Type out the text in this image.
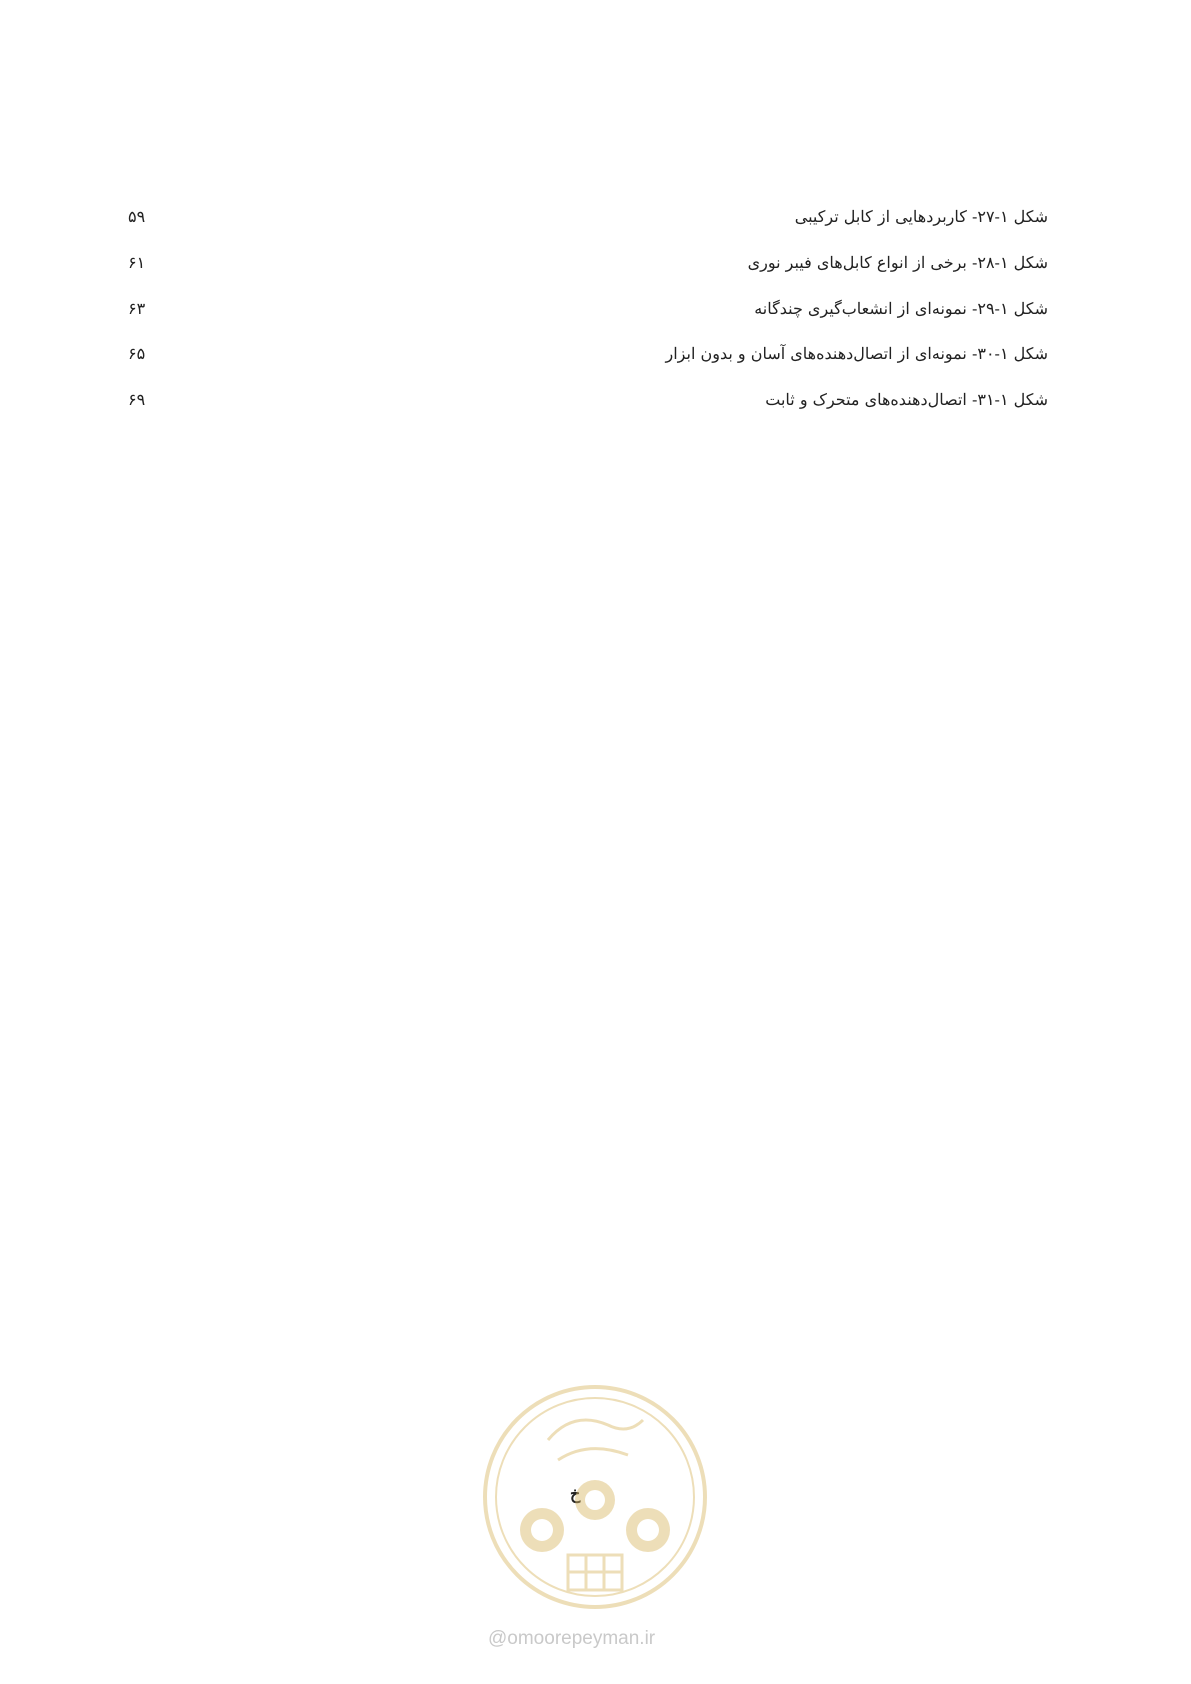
شکل ۱-۲۷- کاربردهایی از کابل ترکیبی
۵۹
شکل ۱-۲۸- برخی از انواع کابل‌های فیبر نوری
۶۱
شکل ۱-۲۹- نمونه‌ای از انشعاب‌گیری چندگانه
۶۳
شکل ۱-۳۰- نمونه‌ای از اتصال‌دهنده‌های آسان و بدون ابزار
۶۵
شکل ۱-۳۱- اتصال‌دهنده‌های متحرک و ثابت
۶۹
خ
@omoorepeyman.ir
